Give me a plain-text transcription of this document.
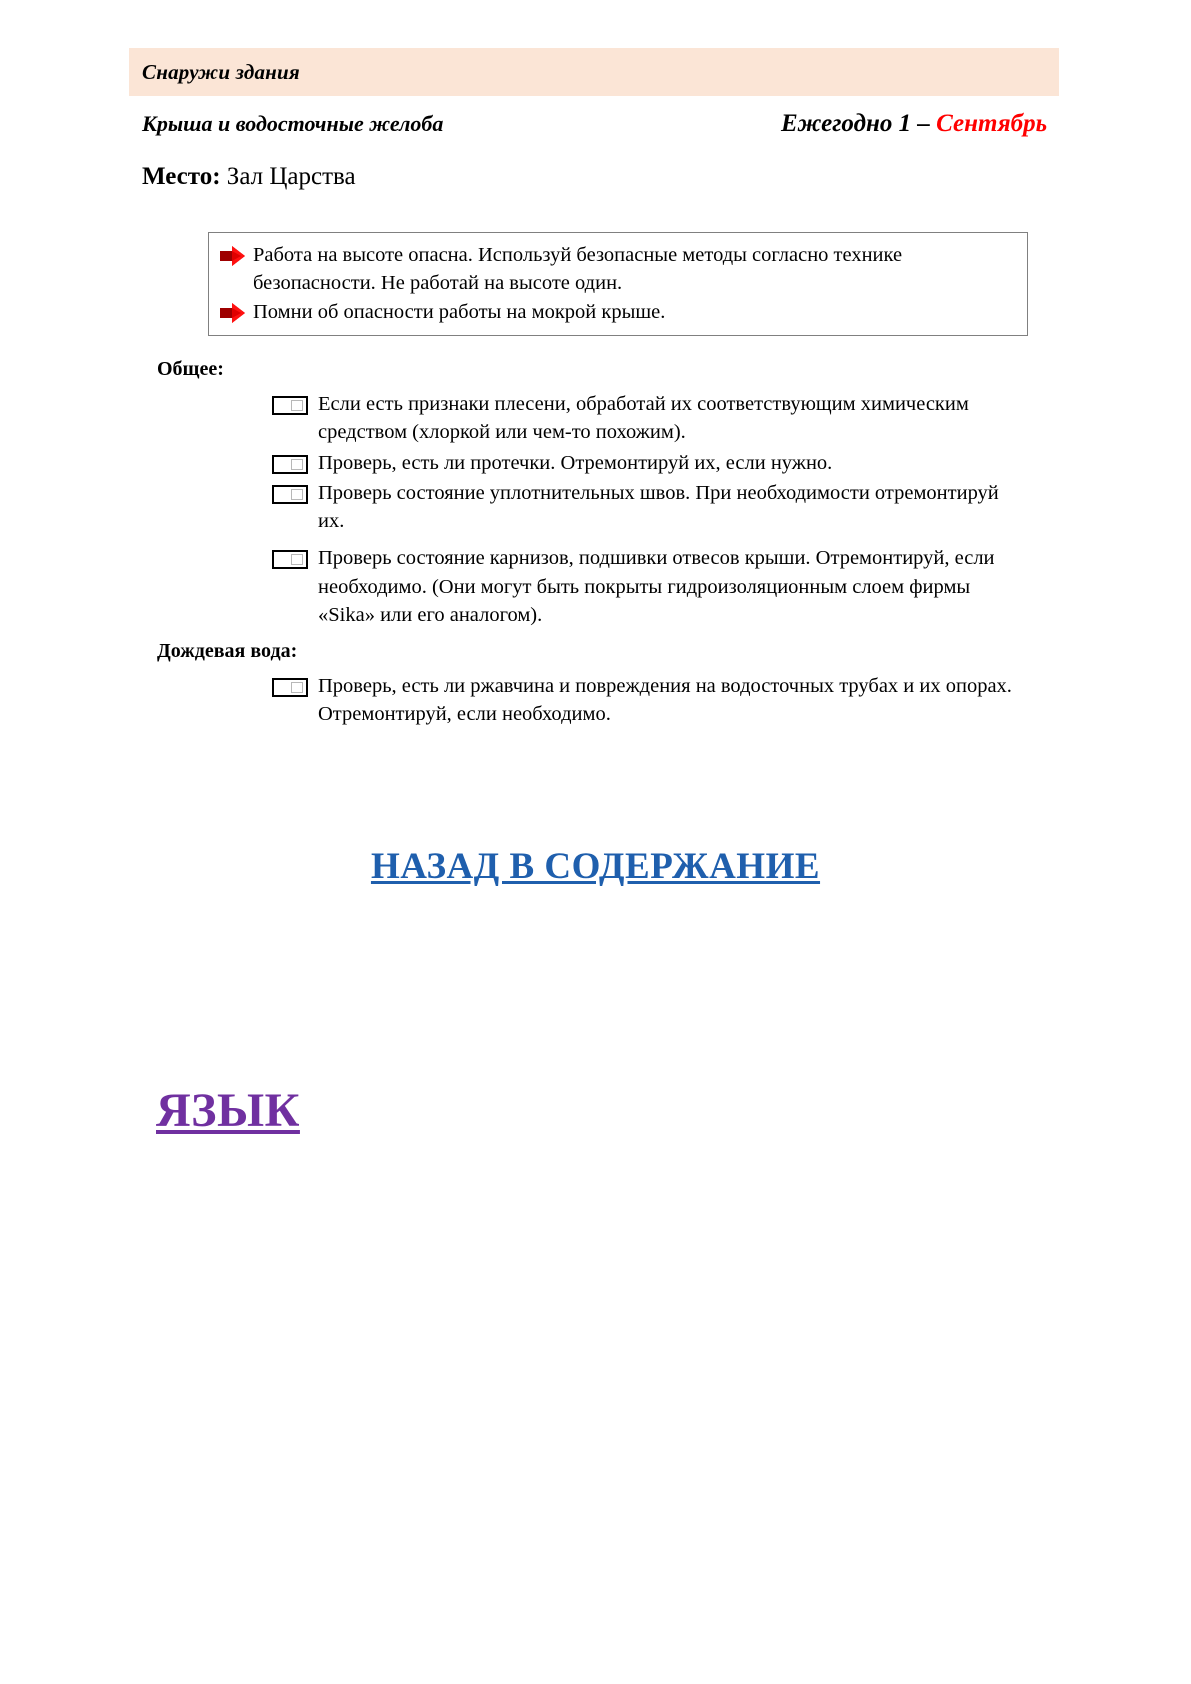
Снаружи здания
Крыша и водосточные желоба	Ежегодно 1 – Сентябрь
Место: Зал Царства
Работа на высоте опасна. Используй безопасные методы согласно технике безопасности. Не работай на высоте один.
Помни об опасности работы на мокрой крыше.
Общее:
Если есть признаки плесени, обработай их соответствующим химическим средством (хлоркой или чем-то похожим).
Проверь, есть ли протечки. Отремонтируй их, если нужно.
Проверь состояние уплотнительных швов. При необходимости отремонтируй их.
Проверь состояние карнизов, подшивки отвесов крыши. Отремонтируй, если необходимо. (Они могут быть покрыты гидроизоляционным слоем фирмы «Sika» или его аналогом).
Дождевая вода:
Проверь, есть ли ржавчина и повреждения на водосточных трубах и их опорах. Отремонтируй, если необходимо.
НАЗАД В СОДЕРЖАНИЕ
ЯЗЫК
